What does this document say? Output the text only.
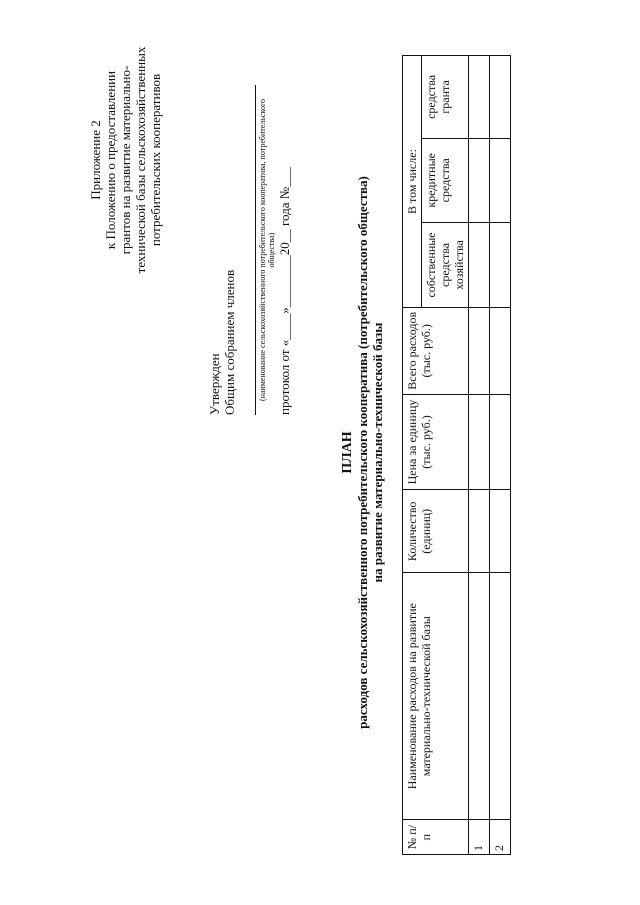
Приложение 2 к Положению о предоставлении грантов на развитие материально- технической базы сельскохозяйственных потребительских кооперативов
Утвержден Общим собранием членов	(наименование сельскохозяйственного потребительского кооператива, потребительского общества) протокол от «____»________20__ года №___
ПЛАН расходов сельскохозяйственного потребительского кооператива (потребительского общества) на развитие материально-технической базы
№ п/п	Наименование расходов на развитие материально-технической базы	Количество (единиц)	Цена за единицу (тыс. руб.)	Всего расходов (тыс. руб.)	В том числе:		
					собственные средства хозяйства	кредитные средства	средства гранта
1							
2							
